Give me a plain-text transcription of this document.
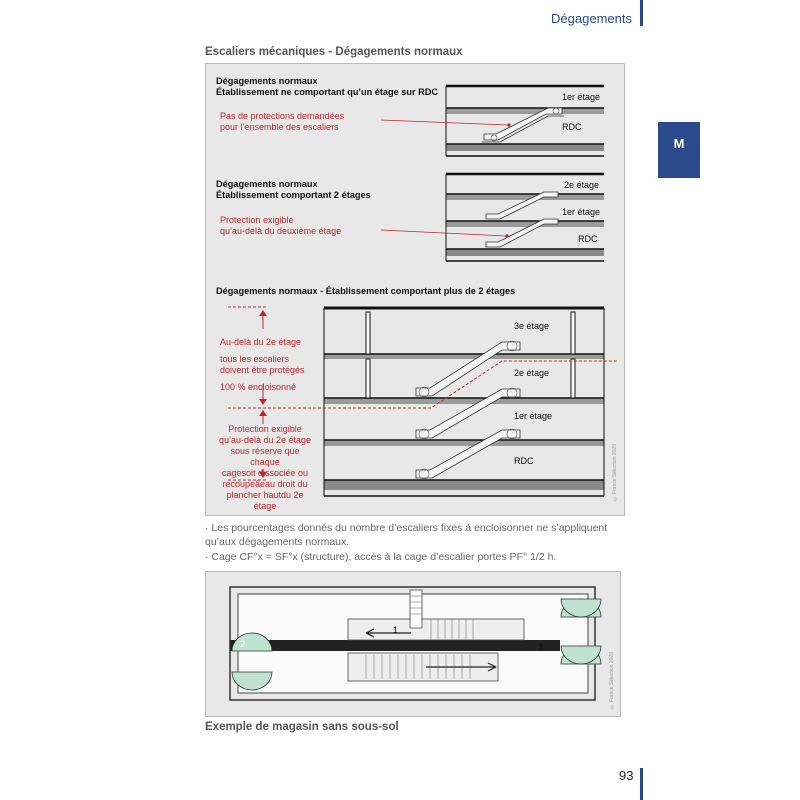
Dégagements
M
Escaliers mécaniques - Dégagements normaux
Dégagements normaux
Établissement ne comportant qu’un étage sur RDC
Pas de protections demandées
pour l’ensemble des escaliers
1er étage
RDC
Dégagements normaux
Établissement comportant 2 étages
Protection exigible
qu’au-delà du deuxième étage
2e étage
1er étage
RDC
Dégagements normaux - Établissement comportant plus de 2 étages
Au-delà du 2e étage
tous les escaliers
doivent être protégés
100 % encloisonné
Protection exigible
qu’au-delà du 2e étage
sous réserve que chaque
cagesoit dissociée ou
recoupeâeau droit du
plancher hautdu 2e étage
3e étage
2e étage
1er étage
RDC	© France Sélection 2020
· Les pourcentages donnés du nombre d’escaliers fixes à encloisonner ne s’appliquent qu’aux dégagements normaux.
· Cage CF°x = SF°x (structure), accès à la cage d’escalier portes PF° 1/2 h.
1
2	3
© France Sélection 2020
Exemple de magasin sans sous-sol
93
